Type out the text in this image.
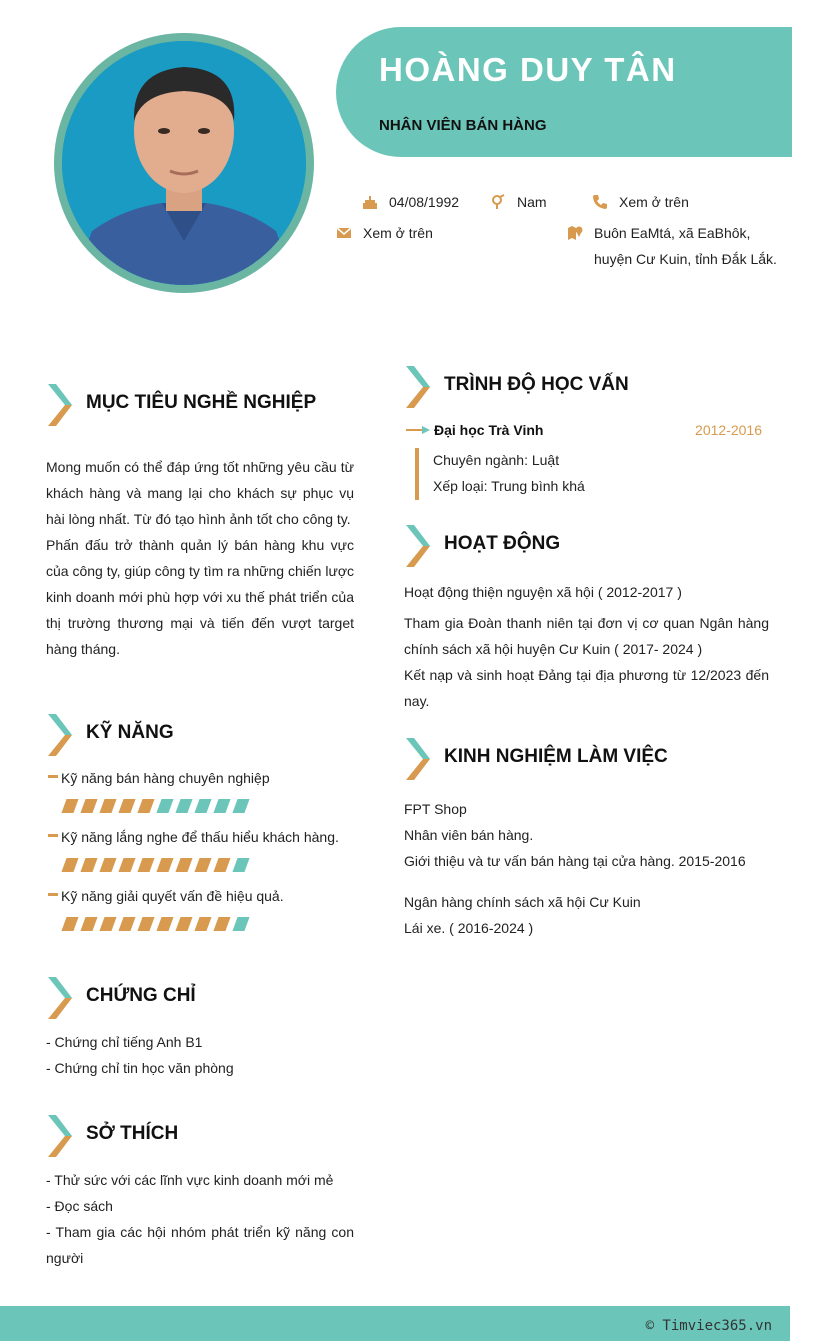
HOÀNG DUY TÂN
NHÂN VIÊN BÁN HÀNG
04/08/1992	Nam	Xem ở trên
Xem ở trên	Buôn EaMtá, xã EaBhôk,
huyện Cư Kuin, tỉnh Đắk Lắk.
MỤC TIÊU NGHỀ NGHIỆP

Mong muốn có thể đáp ứng tốt những yêu cầu từ khách hàng và mang lại cho khách sự phục vụ hài lòng nhất. Từ đó tạo hình ảnh tốt cho công ty.

Phấn đấu trở thành quản lý bán hàng khu vực của công ty, giúp công ty tìm ra những chiến lược kinh doanh mới phù hợp với xu thế phát triển của thị trường thương mại và tiến đến vượt target hàng tháng.

KỸ NĂNG
Kỹ năng bán hàng chuyên nghiệp
Kỹ năng lắng nghe để thấu hiểu khách hàng.
Kỹ năng giải quyết vấn đề hiệu quả.
CHỨNG CHỈ

- Chứng chỉ tiếng Anh B1

- Chứng chỉ tin học văn phòng

SỞ THÍCH

- Thử sức với các lĩnh vực kinh doanh mới mẻ

- Đọc sách

- Tham gia các hội nhóm phát triển kỹ năng con người

TRÌNH ĐỘ HỌC VẤN
Đại học Trà Vinh	2012-2016
Chuyên ngành: Luật
Xếp loại: Trung bình khá
HOẠT ĐỘNG

Hoạt động thiện nguyện xã hội ( 2012-2017 )

Tham gia Đoàn thanh niên tại đơn vị cơ quan Ngân hàng chính sách xã hội huyện Cư Kuin ( 2017- 2024 )

Kết nạp và sinh hoạt Đảng tại địa phương từ 12/2023 đến nay.

KINH NGHIỆM LÀM VIỆC

FPT Shop

Nhân viên bán hàng.

Giới thiệu và tư vấn bán hàng tại cửa hàng. 2015-2016

Ngân hàng chính sách xã hội Cư Kuin

Lái xe. ( 2016-2024 )

© Timviec365.vn
